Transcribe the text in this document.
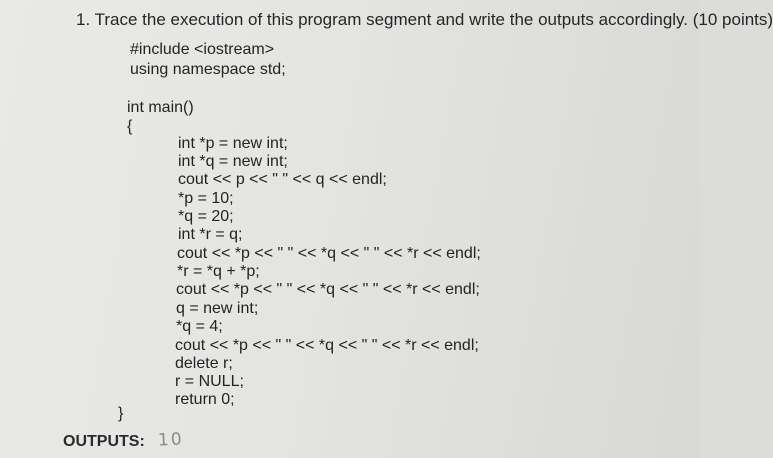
1. Trace the execution of this program segment and write the outputs accordingly. (10 points)
#include <iostream>
using namespace std;
int main()
{
int *p = new int;
int *q = new int;
cout << p << " " << q << endl;
*p = 10;
*q = 20;
int *r = q;
cout << *p << " " << *q << " " << *r << endl;
*r = *q + *p;
cout << *p << " " << *q << " " << *r << endl;
q = new int;
*q = 4;
cout << *p << " " << *q << " " << *r << endl;
delete r;
r = NULL;
return 0;
}
OUTPUTS: 10
